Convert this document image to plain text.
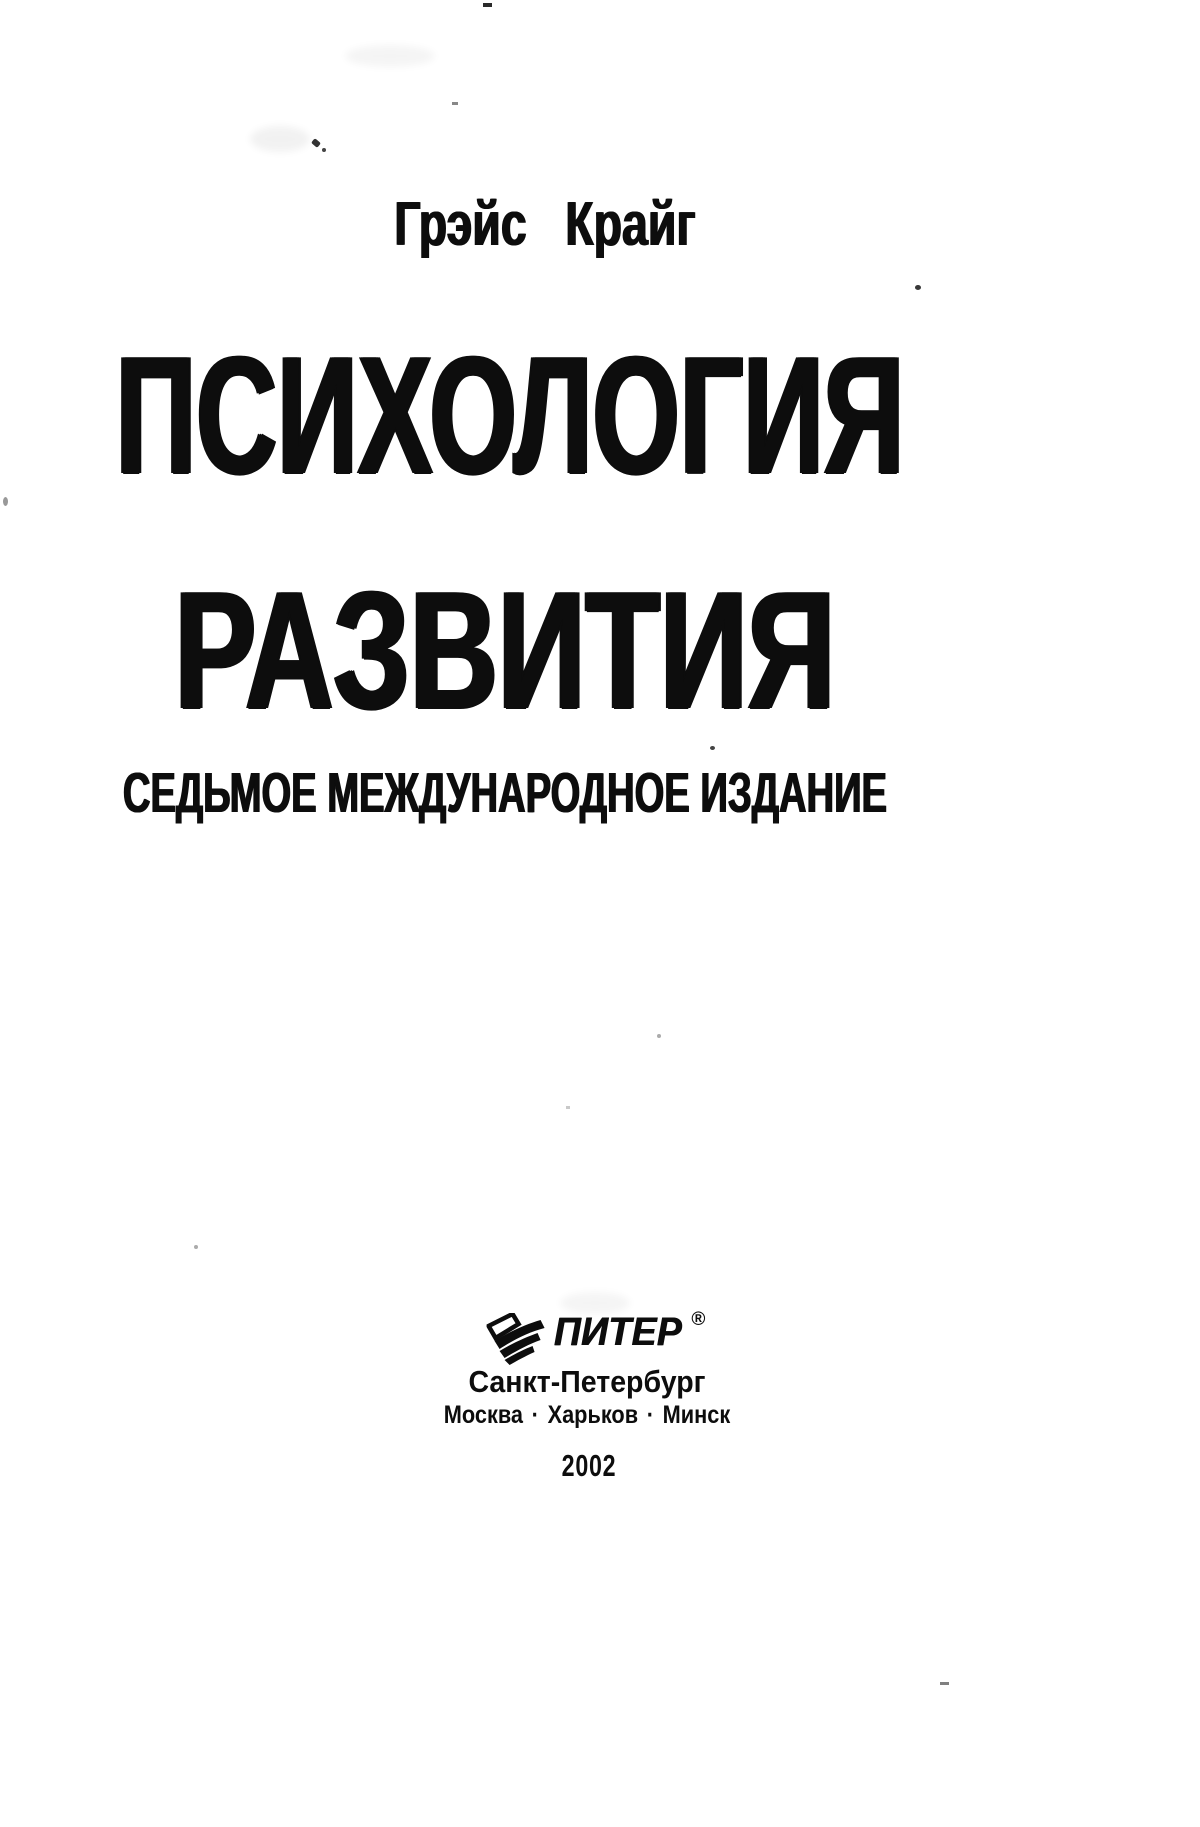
Грэйс Крайг
ПСИХОЛОГИЯ
РАЗВИТИЯ
СЕДЬМОЕ МЕЖДУНАРОДНОЕ ИЗДАНИЕ
ПИТЕР ®
Санкт-Петербург
Москва · Харьков · Минск
2002
